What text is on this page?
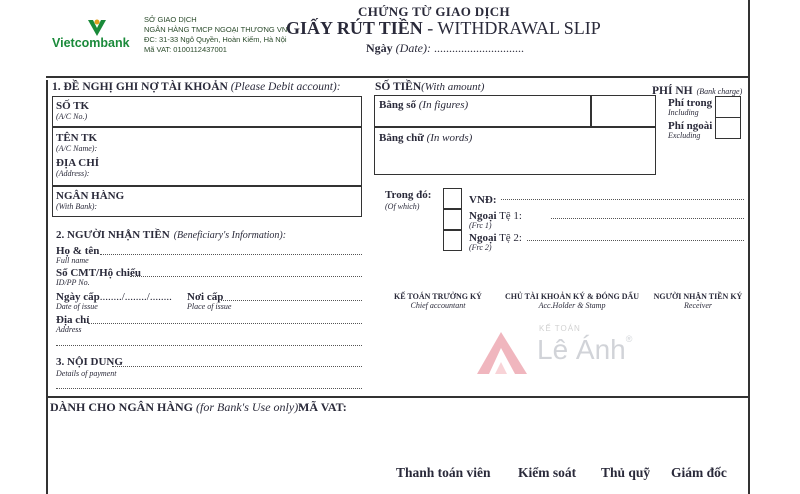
Vietcombank
SỞ GIAO DỊCH
NGÂN HÀNG TMCP NGOẠI THƯƠNG VN
ĐC: 31-33 Ngô Quyền, Hoàn Kiếm, Hà Nội
Mã VAT: 0100112437001
CHỨNG TỪ GIAO DỊCH
GIẤY RÚT TIỀN - WITHDRAWAL SLIP
Ngày (Date): ..............................
1. ĐỀ NGHỊ GHI NỢ TÀI KHOẢN (Please Debit account):
SỐ TK
(A/C No.)
TÊN TK
(A/C Name):
ĐỊA CHỈ
(Address):
NGÂN HÀNG
(With Bank):
SỐ TIỀN(With amount)
Bằng số (In figures)
Bằng chữ (In words)
PHÍ NH (Bank charge)
Phí trong
Including
Phí ngoài
Excluding
Trong đó:
(Of which)
VNĐ:
Ngoại Tệ 1:
(Frc 1)
Ngoại Tệ 2:
(Frc 2)
2. NGƯỜI NHẬN TIỀN (Beneficiary's Information):
Họ & tên
Full name
Số CMT/Hộ chiếu
ID/PP No.
Ngày cấp......../......../........
Date of issue
Nơi cấp
Place of issue
Địa chỉ
Address
3. NỘI DUNG
Details of payment
KẾ TOÁN TRƯỞNG KÝ
Chief accountant
CHỦ TÀI KHOẢN KÝ & ĐÓNG DẤU
Acc.Holder & Stamp
NGƯỜI NHẬN TIỀN KÝ
Receiver
KẾ TOÁN
Lê Ánh®
DÀNH CHO NGÂN HÀNG (for Bank's Use only):
MÃ VAT:
Thanh toán viên Kiểm soát Thủ quỹ Giám đốc
